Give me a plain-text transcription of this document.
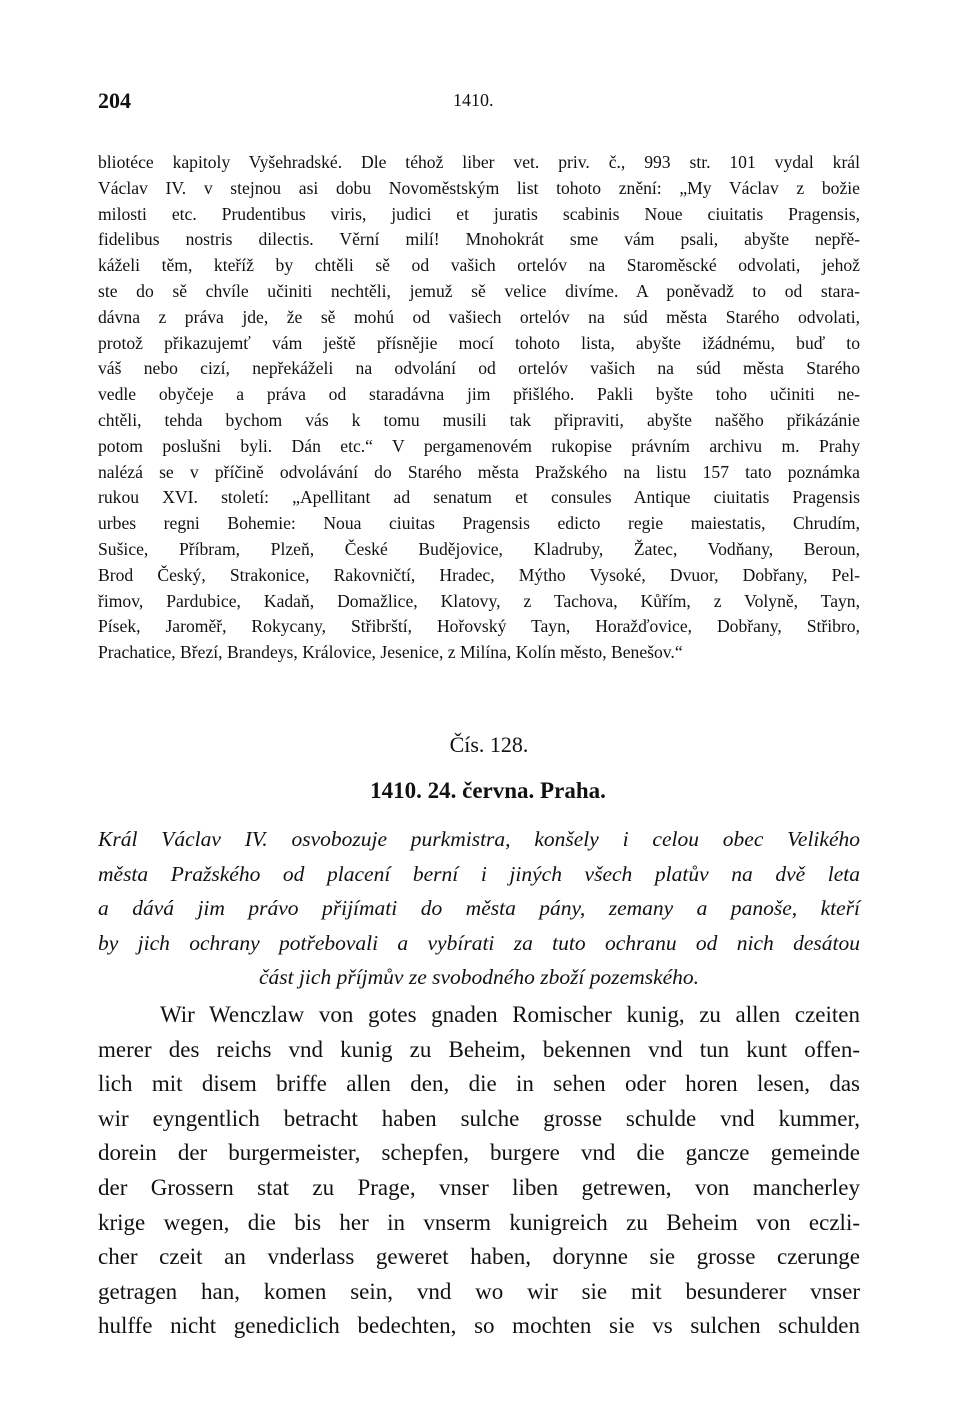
204	1410.
bliotéce kapitoly Vyšehradské. Dle téhož liber vet. priv. č., 993 str. 101 vydal král
Václav IV. v stejnou asi dobu Novoměstským list tohoto znění: „My Václav z božie
milosti etc. Prudentibus viris, judici et juratis scabinis Noue ciuitatis Pragensis,
fidelibus nostris dilectis. Věrní milí! Mnohokrát sme vám psali, abyšte nepřě-
káželi těm, kteříž by chtěli sě od vašich ortelóv na Staroměscké odvolati, jehož
ste do sě chvíle učiniti nechtěli, jemuž sě velice divíme. A poněvadž to od stara-
dávna z práva jde, že sě mohú od vašiech ortelóv na súd města Starého odvolati,
protož přikazujemť vám ještě přísnějie mocí tohoto lista, abyšte ižádnému, buď to
váš nebo cizí, nepřekáželi na odvolání od ortelóv vašich na súd města Starého
vedle obyčeje a práva od staradávna jim přišlého. Pakli byšte toho učiniti ne-
chtěli, tehda bychom vás k tomu musili tak připraviti, abyšte našěho přikázánie
potom poslušni byli. Dán etc.“ V pergamenovém rukopise právním archivu m. Prahy
nalézá se v příčině odvolávání do Starého města Pražského na listu 157 tato poznámka
rukou XVI. století: „Apellitant ad senatum et consules Antique ciuitatis Pragensis
urbes regni Bohemie: Noua ciuitas Pragensis edicto regie maiestatis, Chrudím,
Sušice, Příbram, Plzeň, České Budějovice, Kladruby, Žatec, Vodňany, Beroun,
Brod Český, Strakonice, Rakovničtí, Hradec, Mýtho Vysoké, Dvuor, Dobřany, Pel-
řimov, Pardubice, Kadaň, Domažlice, Klatovy, z Tachova, Kůřím, z Volyně, Tayn,
Písek, Jaroměř, Rokycany, Střibrští, Hořovský Tayn, Horažďovice, Dobřany, Střibro,
Prachatice, Březí, Brandeys, Královice, Jesenice, z Milína, Kolín město, Benešov.“
Čís. 128.
1410. 24. června. Praha.
Král Václav IV. osvobozuje purkmistra, konšely i celou obec Velikého
města Pražského od placení berní i jiných všech platův na dvě leta
a dává jim právo přijímati do města pány, zemany a panoše, kteří
by jich ochrany potřebovali a vybírati za tuto ochranu od nich desátou
část jich příjmův ze svobodného zboží pozemského.
Wir Wenczlaw von gotes gnaden Romischer kunig, zu allen czeiten
merer des reichs vnd kunig zu Beheim, bekennen vnd tun kunt offen-
lich mit disem briffe allen den, die in sehen oder horen lesen, das
wir eyngentlich betracht haben sulche grosse schulde vnd kummer,
dorein der burgermeister, schepfen, burgere vnd die gancze gemeinde
der Grossern stat zu Prage, vnser liben getrewen, von mancherley
krige wegen, die bis her in vnserm kunigreich zu Beheim von eczli-
cher czeit an vnderlass geweret haben, dorynne sie grosse czerunge
getragen han, komen sein, vnd wo wir sie mit besunderer vnser
hulffe nicht genediclich bedechten, so mochten sie vs sulchen schulden
